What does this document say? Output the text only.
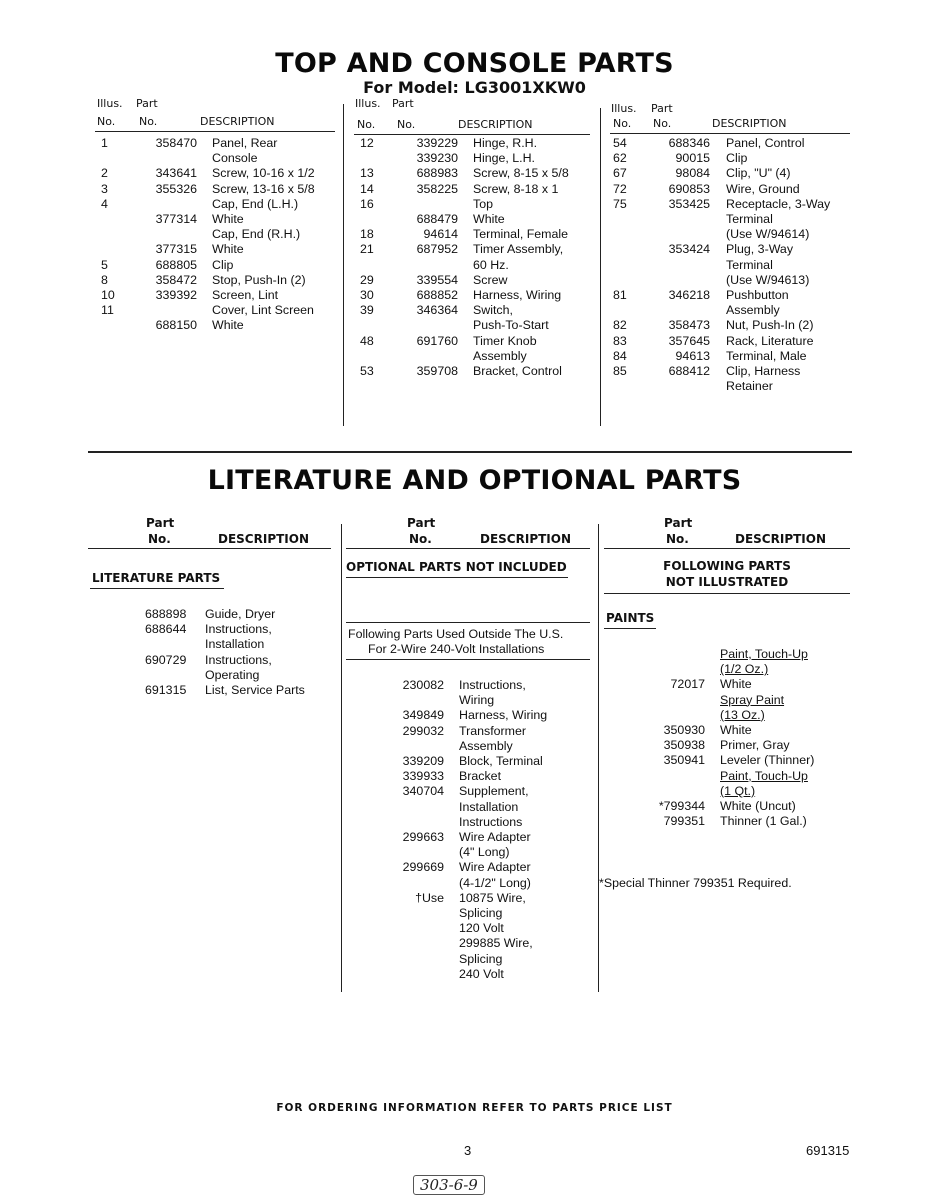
TOP AND CONSOLE PARTS
For Model: LG3001XKW0
Illus. Part
No. No.	DESCRIPTION
Illus. Part
No. No.	DESCRIPTION
Illus. Part
No. No.	DESCRIPTION
1	358470 Panel, Rear
Console
2	343641 Screw, 10-16 x 1/2
3	355326 Screw, 13-16 x 5/8
4	Cap, End (L.H.)
377314 White
Cap, End (R.H.)
377315 White
5	688805 Clip
8	358472 Stop, Push-In (2)
10	339392 Screen, Lint
11	Cover, Lint Screen
688150 White
12	339229 Hinge, R.H.
339230 Hinge, L.H.
13	688983 Screw, 8-15 x 5/8
14	358225 Screw, 8-18 x 1
16	Top
688479 White
18	94614 Terminal, Female
21	687952 Timer Assembly,
60 Hz.
29	339554 Screw
30	688852 Harness, Wiring
39	346364 Switch,
Push-To-Start
48	691760 Timer Knob
Assembly
53	359708 Bracket, Control
54	688346 Panel, Control
62	90015 Clip
67	98084 Clip, "U" (4)
72	690853 Wire, Ground
75	353425 Receptacle, 3-Way
Terminal
(Use W/94614)
353424 Plug, 3-Way
Terminal
(Use W/94613)
81	346218 Pushbutton
Assembly
82	358473 Nut, Push-In (2)
83	357645 Rack, Literature
84	94613 Terminal, Male
85	688412 Clip, Harness
Retainer
LITERATURE AND OPTIONAL PARTS
Part
No.	DESCRIPTION
Part
No.	DESCRIPTION
Part
No.	DESCRIPTION
LITERATURE PARTS
688898 Guide, Dryer
688644 Instructions,
Installation
690729 Instructions,
Operating
691315 List, Service Parts
OPTIONAL PARTS NOT INCLUDED
Following Parts Used Outside The U.S.
For 2-Wire 240-Volt Installations
230082 Instructions,
Wiring
349849 Harness, Wiring
299032 Transformer
Assembly
339209 Block, Terminal
339933 Bracket
340704 Supplement,
Installation
Instructions
299663 Wire Adapter
(4" Long)
299669 Wire Adapter
(4-1/2" Long)
†Use 10875 Wire,
Splicing
120 Volt
299885 Wire,
Splicing
240 Volt
FOLLOWING PARTS
NOT ILLUSTRATED
PAINTS
Paint, Touch-Up
(1/2 Oz.)
72017 White
Spray Paint
(13 Oz.)
350930 White
350938 Primer, Gray
350941 Leveler (Thinner)
Paint, Touch-Up
(1 Qt.)
*799344 White (Uncut)
799351 Thinner (1 Gal.)
*Special Thinner 799351 Required.
FOR ORDERING INFORMATION REFER TO PARTS PRICE LIST
3	691315
303-6-9
